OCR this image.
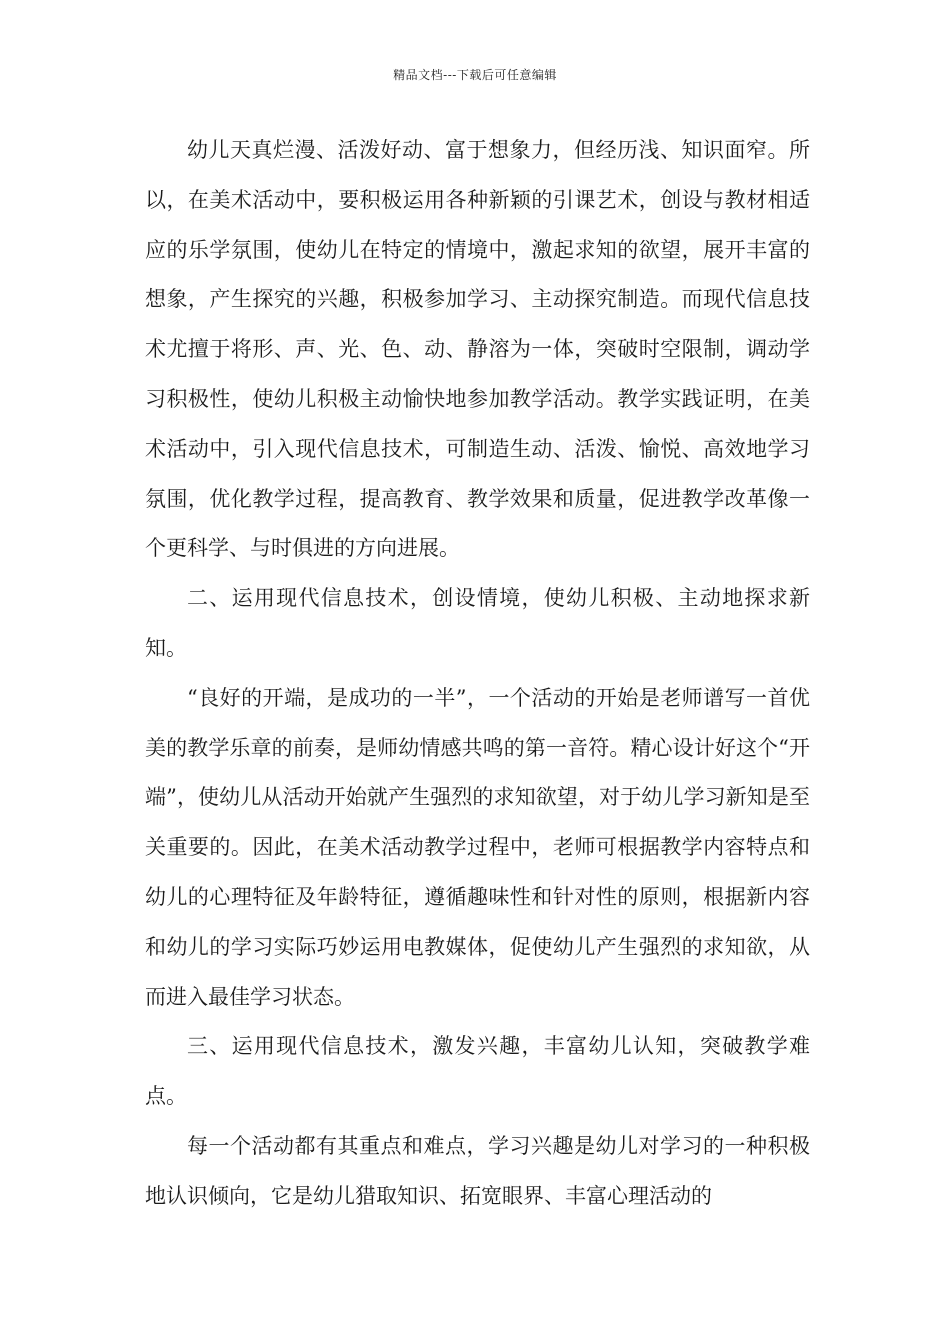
精品文档---下载后可任意编辑

幼儿天真烂漫、活泼好动、富于想象力，但经历浅、知识面窄。所以，在美术活动中，要积极运用各种新颖的引课艺术，创设与教材相适应的乐学氛围，使幼儿在特定的情境中，激起求知的欲望，展开丰富的想象，产生探究的兴趣，积极参加学习、主动探究制造。而现代信息技术尤擅于将形、声、光、色、动、静溶为一体，突破时空限制，调动学习积极性，使幼儿积极主动愉快地参加教学活动。教学实践证明，在美术活动中，引入现代信息技术，可制造生动、活泼、愉悦、高效地学习氛围，优化教学过程，提高教育、教学效果和质量，促进教学改革像一个更科学、与时俱进的方向进展。

二、运用现代信息技术，创设情境，使幼儿积极、主动地探求新知。

“良好的开端，是成功的一半”，一个活动的开始是老师谱写一首优美的教学乐章的前奏，是师幼情感共鸣的第一音符。精心设计好这个“开端”，使幼儿从活动开始就产生强烈的求知欲望，对于幼儿学习新知是至关重要的。因此，在美术活动教学过程中，老师可根据教学内容特点和幼儿的心理特征及年龄特征，遵循趣味性和针对性的原则，根据新内容和幼儿的学习实际巧妙运用电教媒体，促使幼儿产生强烈的求知欲，从而进入最佳学习状态。

三、运用现代信息技术，激发兴趣，丰富幼儿认知，突破教学难点。

每一个活动都有其重点和难点，学习兴趣是幼儿对学习的一种积极地认识倾向，它是幼儿猎取知识、拓宽眼界、丰富心理活动的
